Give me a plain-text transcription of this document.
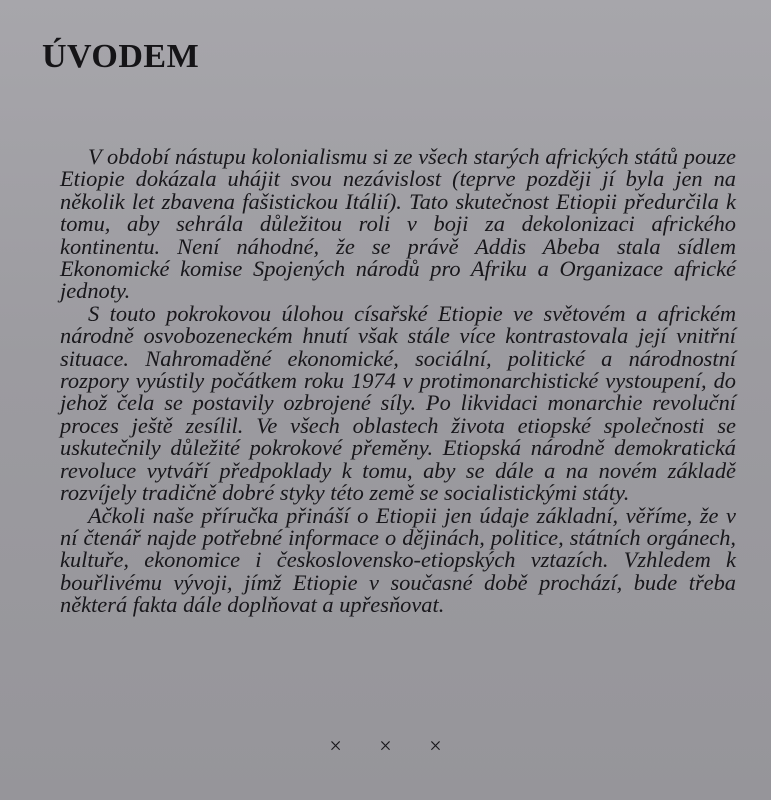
ÚVODEM

V období nástupu kolonialismu si ze všech starých afrických států pouze Etiopie dokázala uhájit svou nezávislost (teprve později jí byla jen na několik let zbavena fašistickou Itálií). Tato skutečnost Etiopii předurčila k tomu, aby sehrála důležitou roli v boji za dekolonizaci afrického kontinentu. Není náhodné, že se právě Addis Abeba stala sídlem Ekonomické komise Spojených národů pro Afriku a Organizace africké jednoty.

S touto pokrokovou úlohou císařské Etiopie ve světovém a africkém národně osvobozeneckém hnutí však stále více kontrastovala její vnitřní situace. Nahromaděné ekonomické, sociální, politické a národnostní rozpory vyústily počátkem roku 1974 v protimonarchistické vystoupení, do jehož čela se postavily ozbrojené síly. Po likvidaci monarchie revoluční proces ještě zesílil. Ve všech oblastech života etiopské společnosti se uskutečnily důležité pokrokové přeměny. Etiopská národně demokratická revoluce vytváří předpoklady k tomu, aby se dále a na novém základě rozvíjely tradičně dobré styky této země se socialistickými státy.

Ačkoli naše příručka přináší o Etiopii jen údaje základní, věříme, že v ní čtenář najde potřebné informace o dějinách, politice, státních orgánech, kultuře, ekonomice i československo-etiopských vztazích. Vzhledem k bouřlivému vývoji, jímž Etiopie v současné době prochází, bude třeba některá fakta dále doplňovat a upřesňovat.

× × ×
